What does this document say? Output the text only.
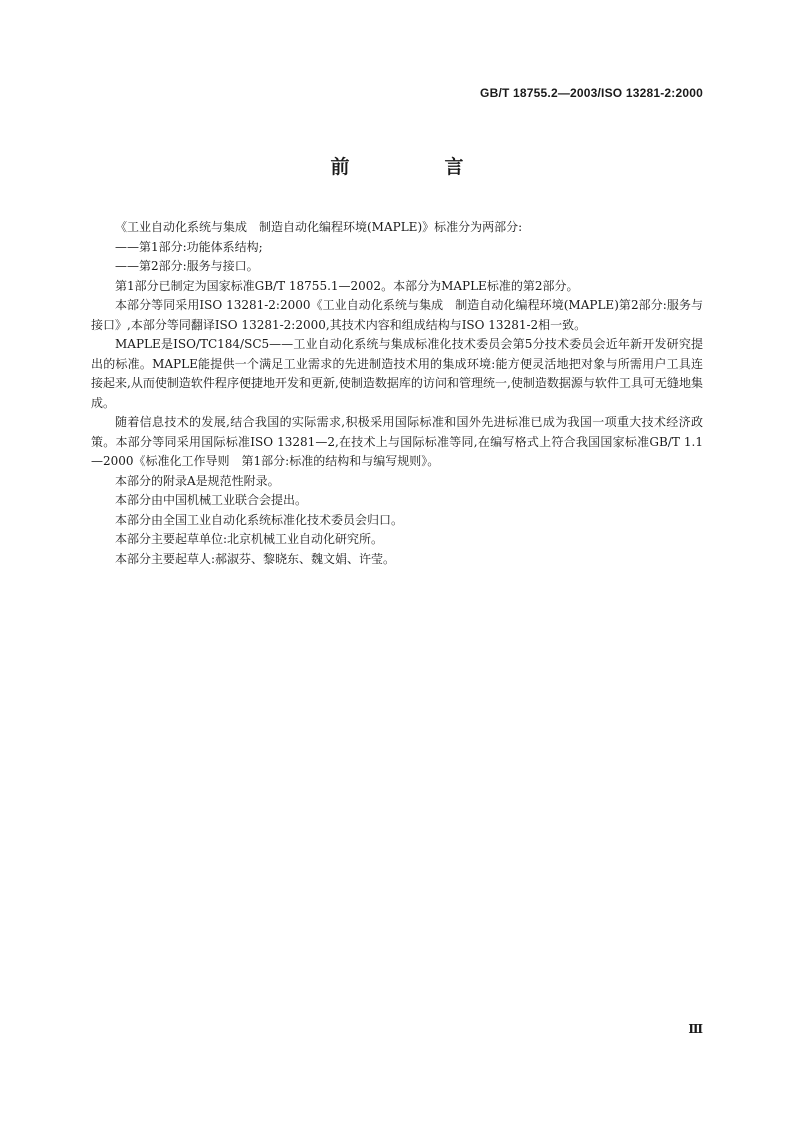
GB/T 18755.2—2003/ISO 13281-2:2000
前　言

《工业自动化系统与集成　制造自动化编程环境(MAPLE)》标准分为两部分:

——第1部分:功能体系结构;

——第2部分:服务与接口。

第1部分已制定为国家标准GB/T 18755.1—2002。本部分为MAPLE标准的第2部分。

本部分等同采用ISO 13281-2:2000《工业自动化系统与集成　制造自动化编程环境(MAPLE)第2部分:服务与接口》,本部分等同翻译ISO 13281-2:2000,其技术内容和组成结构与ISO 13281-2相一致。

MAPLE是ISO/TC184/SC5——工业自动化系统与集成标准化技术委员会第5分技术委员会近年新开发研究提出的标准。MAPLE能提供一个满足工业需求的先进制造技术用的集成环境:能方便灵活地把对象与所需用户工具连接起来,从而使制造软件程序便捷地开发和更新,使制造数据库的访问和管理统一,使制造数据源与软件工具可无缝地集成。

随着信息技术的发展,结合我国的实际需求,积极采用国际标准和国外先进标准已成为我国一项重大技术经济政策。本部分等同采用国际标准ISO 13281—2,在技术上与国际标准等同,在编写格式上符合我国国家标准GB/T 1.1—2000《标准化工作导则　第1部分:标准的结构和与编写规则》。

本部分的附录A是规范性附录。

本部分由中国机械工业联合会提出。

本部分由全国工业自动化系统标准化技术委员会归口。

本部分主要起草单位:北京机械工业自动化研究所。

本部分主要起草人:郝淑芬、黎晓东、魏文娟、许莹。

Ⅲ
